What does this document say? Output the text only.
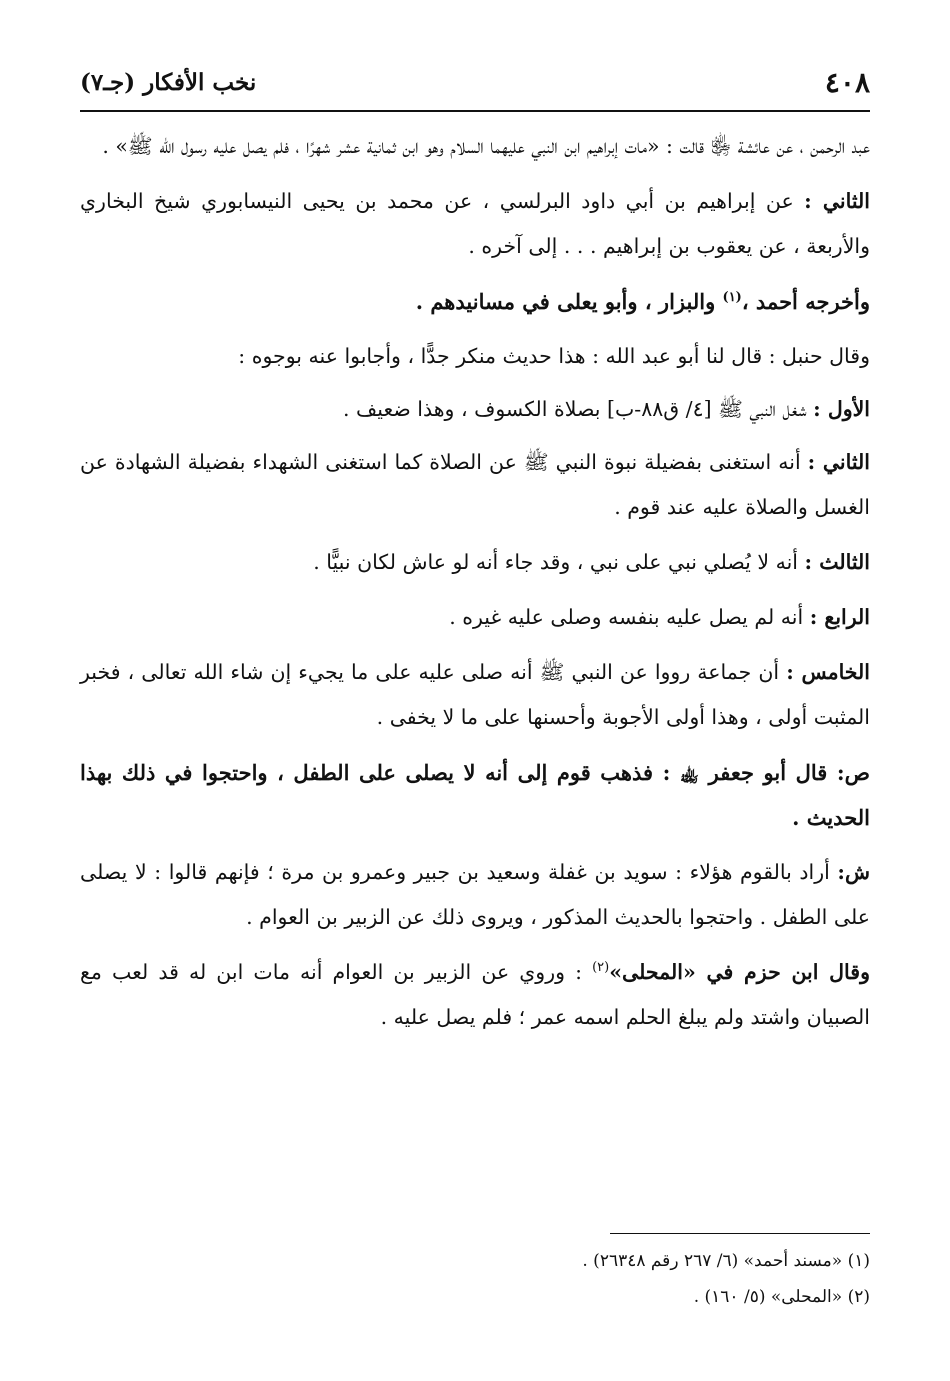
٤٠٨
نخب الأفكار (جـ٧)

عبد الرحمن ، عن عائشة ﵂ قالت : «مات إبراهيم ابن النبي عليهما السلام وهو ابن ثمانية عشر شهرًا ، فلم يصل عليه رسول الله ﷺ» .

الثاني : عن إبراهيم بن أبي داود البرلسي ، عن محمد بن يحيى النيسابوري شيخ البخاري والأربعة ، عن يعقوب بن إبراهيم . . . إلى آخره .

وأخرجه أحمد ،$^{(١)}$ والبزار ، وأبو يعلى في مسانيدهم .

وقال حنبل : قال لنا أبو عبد الله : هذا حديث منكر جدًّا ، وأجابوا عنه بوجوه :

الأول : شغل النبي ﷺ [٤/ ق٨٨-ب] بصلاة الكسوف ، وهذا ضعيف .

الثاني : أنه استغنى بفضيلة نبوة النبي ﷺ عن الصلاة كما استغنى الشهداء بفضيلة الشهادة عن الغسل والصلاة عليه عند قوم .

الثالث : أنه لا يُصلي نبي على نبي ، وقد جاء أنه لو عاش لكان نبيًّا .

الرابع : أنه لم يصل عليه بنفسه وصلى عليه غيره .

الخامس : أن جماعة رووا عن النبي ﷺ أنه صلى عليه على ما يجيء إن شاء الله تعالى ، فخبر المثبت أولى ، وهذا أولى الأجوبة وأحسنها على ما لا يخفى .

ص: قال أبو جعفر ﵀ : فذهب قوم إلى أنه لا يصلى على الطفل ، واحتجوا في ذلك بهذا الحديث .

ش: أراد بالقوم هؤلاء : سويد بن غفلة وسعيد بن جبير وعمرو بن مرة ؛ فإنهم قالوا : لا يصلى على الطفل . واحتجوا بالحديث المذكور ، ويروى ذلك عن الزبير بن العوام .

وقال ابن حزم في «المحلى»$^{(٢)}$ : وروي عن الزبير بن العوام أنه مات ابن له قد لعب مع الصبيان واشتد ولم يبلغ الحلم اسمه عمر ؛ فلم يصل عليه .

(١) «مسند أحمد» (٦/ ٢٦٧ رقم ٢٦٣٤٨) .

(٢) «المحلى» (٥/ ١٦٠) .
